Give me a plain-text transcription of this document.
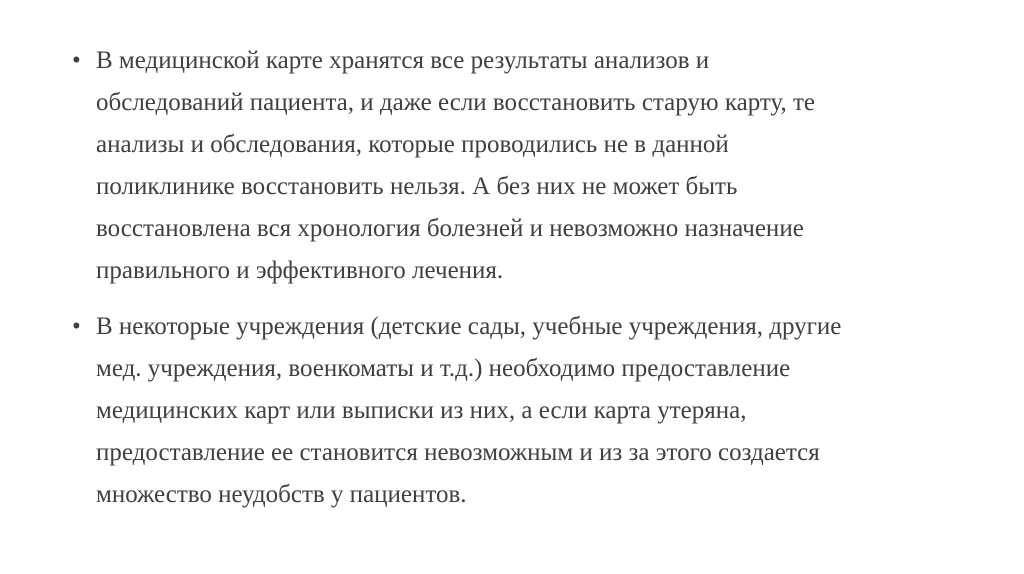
• В медицинской карте хранятся все результаты анализов и
обследований пациента, и даже если восстановить старую карту, те
анализы и обследования, которые проводились не в данной
поликлинике восстановить нельзя. А без них не может быть
восстановлена вся хронология болезней и невозможно назначение
правильного и эффективного лечения.
• В некоторые учреждения (детские сады, учебные учреждения, другие
мед. учреждения, военкоматы и т.д.) необходимо предоставление
медицинских карт или выписки из них, а если карта утеряна,
предоставление ее становится невозможным и из за этого создается
множество неудобств у пациентов.
